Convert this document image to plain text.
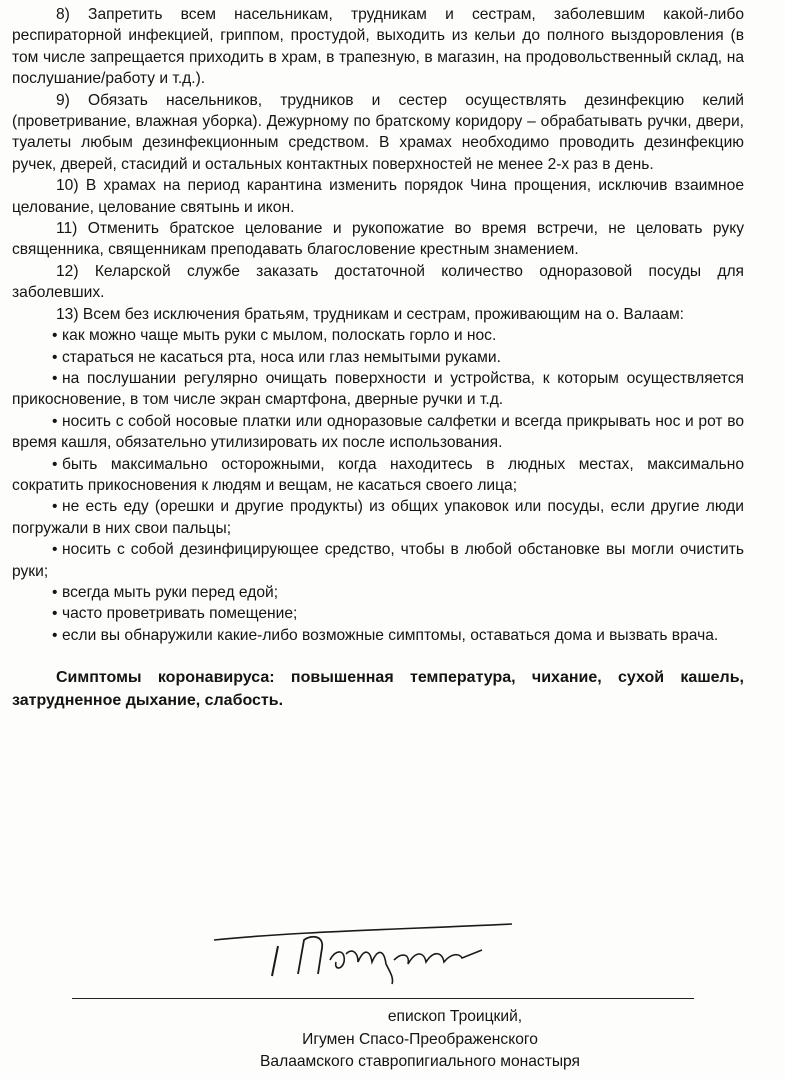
8) Запретить всем насельникам, трудникам и сестрам, заболевшим какой-либо респираторной инфекцией, гриппом, простудой, выходить из кельи до полного выздоровления (в том числе запрещается приходить в храм, в трапезную, в магазин, на продовольственный склад, на послушание/работу и т.д.).

9) Обязать насельников, трудников и сестер осуществлять дезинфекцию келий (проветривание, влажная уборка). Дежурному по братскому коридору – обрабатывать ручки, двери, туалеты любым дезинфекционным средством. В храмах необходимо проводить дезинфекцию ручек, дверей, стасидий и остальных контактных поверхностей не менее 2-х раз в день.

10) В храмах на период карантина изменить порядок Чина прощения, исключив взаимное целование, целование святынь и икон.

11) Отменить братское целование и рукопожатие во время встречи, не целовать руку священника, священникам преподавать благословение крестным знамением.

12) Келарской службе заказать достаточной количество одноразовой посуды для заболевших.

13) Всем без исключения братьям, трудникам и сестрам, проживающим на о. Валаам:

• как можно чаще мыть руки с мылом, полоскать горло и нос.

• стараться не касаться рта, носа или глаз немытыми руками.

• на послушании регулярно очищать поверхности и устройства, к которым осуществляется прикосновение, в том числе экран смартфона, дверные ручки и т.д.

• носить с собой носовые платки или одноразовые салфетки и всегда прикрывать нос и рот во время кашля, обязательно утилизировать их после использования.

• быть максимально осторожными, когда находитесь в людных местах, максимально сократить прикосновения к людям и вещам, не касаться своего лица;

• не есть еду (орешки и другие продукты) из общих упаковок или посуды, если другие люди погружали в них свои пальцы;

• носить с собой дезинфицирующее средство, чтобы в любой обстановке вы могли очистить руки;

• всегда мыть руки перед едой;

• часто проветривать помещение;

• если вы обнаружили какие-либо возможные симптомы, оставаться дома и вызвать врача.

Симптомы коронавируса: повышенная температура, чихание, сухой кашель, затрудненное дыхание, слабость.

епископ Троицкий,
Игумен Спасо-Преображенского
Валаамского ставропигиального монастыря
